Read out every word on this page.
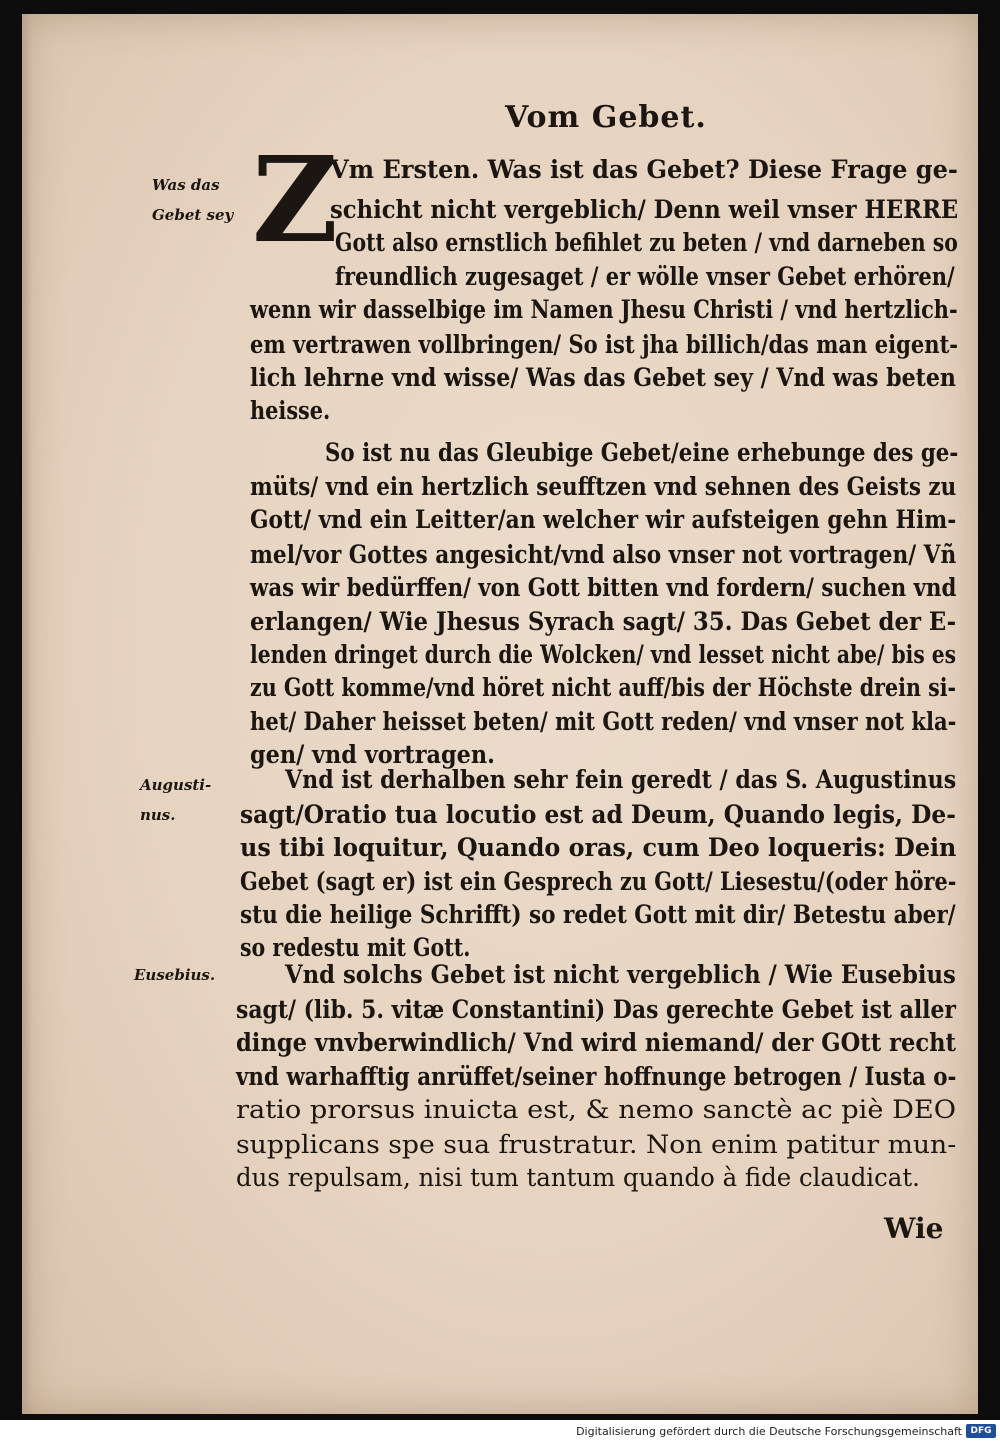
Vom Gebet.
Was das
Gebet sey
Augusti-
nus.
Eusebius.
Z
Vm Ersten. Was ist das Gebet? Diese Frage ge-
schicht nicht vergeblich/ Denn weil vnser HERRE
Gott also ernstlich befihlet zu beten / vnd darneben so
freundlich zugesaget / er wölle vnser Gebet erhören/
wenn wir dasselbige im Namen Jhesu Christi / vnd hertzlich-
em vertrawen vollbringen/ So ist jha billich/das man eigent-
lich lehrne vnd wisse/ Was das Gebet sey / Vnd was beten
heisse.
So ist nu das Gleubige Gebet/eine erhebunge des ge-
müts/ vnd ein hertzlich seufftzen vnd sehnen des Geists zu
Gott/ vnd ein Leitter/an welcher wir aufsteigen gehn Him-
mel/vor Gottes angesicht/vnd also vnser not vortragen/ Vñ
was wir bedürffen/ von Gott bitten vnd fordern/ suchen vnd
erlangen/ Wie Jhesus Syrach sagt/ 35. Das Gebet der E-
lenden dringet durch die Wolcken/ vnd lesset nicht abe/ bis es
zu Gott komme/vnd höret nicht auff/bis der Höchste drein si-
het/ Daher heisset beten/ mit Gott reden/ vnd vnser not kla-
gen/ vnd vortragen.
Vnd ist derhalben sehr fein geredt / das S. Augustinus
sagt/Oratio tua locutio est ad Deum, Quando legis, De-
us tibi loquitur, Quando oras, cum Deo loqueris: Dein
Gebet (sagt er) ist ein Gesprech zu Gott/ Liesestu/(oder höre-
stu die heilige Schrifft) so redet Gott mit dir/ Betestu aber/
so redestu mit Gott.
Vnd solchs Gebet ist nicht vergeblich / Wie Eusebius
sagt/ (lib. 5. vitæ Constantini) Das gerechte Gebet ist aller
dinge vnvberwindlich/ Vnd wird niemand/ der GOtt recht
vnd warhafftig anrüffet/seiner hoffnunge betrogen / Iusta o-
ratio prorsus inuicta est, & nemo sanctè ac piè DEO
supplicans spe sua frustratur. Non enim patitur mun-
dus repulsam, nisi tum tantum quando à fide claudicat.
Wie
Digitalisierung gefördert durch die Deutsche Forschungsgemeinschaft DFG
